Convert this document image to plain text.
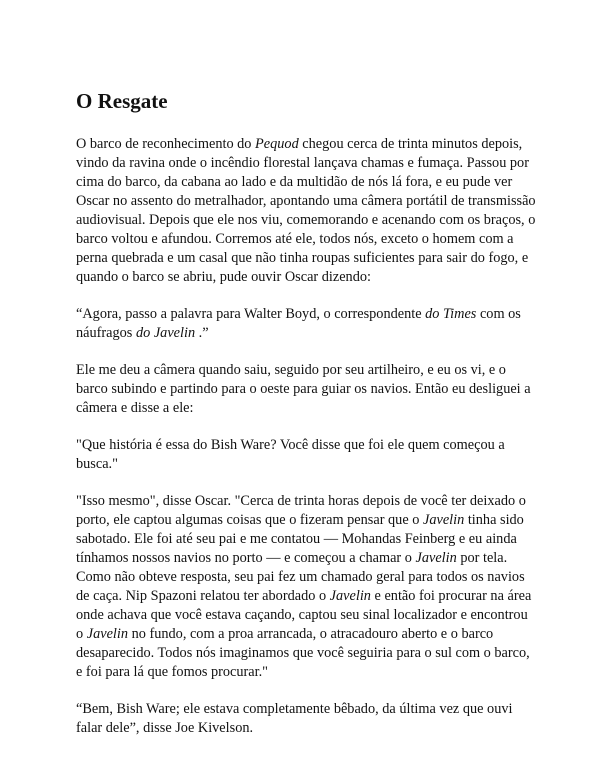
O Resgate

O barco de reconhecimento do Pequod chegou cerca de trinta minutos depois, vindo da ravina onde o incêndio florestal lançava chamas e fumaça. Passou por cima do barco, da cabana ao lado e da multidão de nós lá fora, e eu pude ver Oscar no assento do metralhador, apontando uma câmera portátil de transmissão audiovisual. Depois que ele nos viu, comemorando e acenando com os braços, o barco voltou e afundou. Corremos até ele, todos nós, exceto o homem com a perna quebrada e um casal que não tinha roupas suficientes para sair do fogo, e quando o barco se abriu, pude ouvir Oscar dizendo:

“Agora, passo a palavra para Walter Boyd, o correspondente do Times com os náufragos do Javelin .”

Ele me deu a câmera quando saiu, seguido por seu artilheiro, e eu os vi, e o barco subindo e partindo para o oeste para guiar os navios. Então eu desliguei a câmera e disse a ele:

"Que história é essa do Bish Ware? Você disse que foi ele quem começou a busca."

"Isso mesmo", disse Oscar. "Cerca de trinta horas depois de você ter deixado o porto, ele captou algumas coisas que o fizeram pensar que o Javelin tinha sido sabotado. Ele foi até seu pai e me contatou — Mohandas Feinberg e eu ainda tínhamos nossos navios no porto — e começou a chamar o Javelin por tela. Como não obteve resposta, seu pai fez um chamado geral para todos os navios de caça. Nip Spazoni relatou ter abordado o Javelin e então foi procurar na área onde achava que você estava caçando, captou seu sinal localizador e encontrou o Javelin no fundo, com a proa arrancada, o atracadouro aberto e o barco desaparecido. Todos nós imaginamos que você seguiria para o sul com o barco, e foi para lá que fomos procurar."

“Bem, Bish Ware; ele estava completamente bêbado, da última vez que ouvi falar dele”, disse Joe Kivelson.
